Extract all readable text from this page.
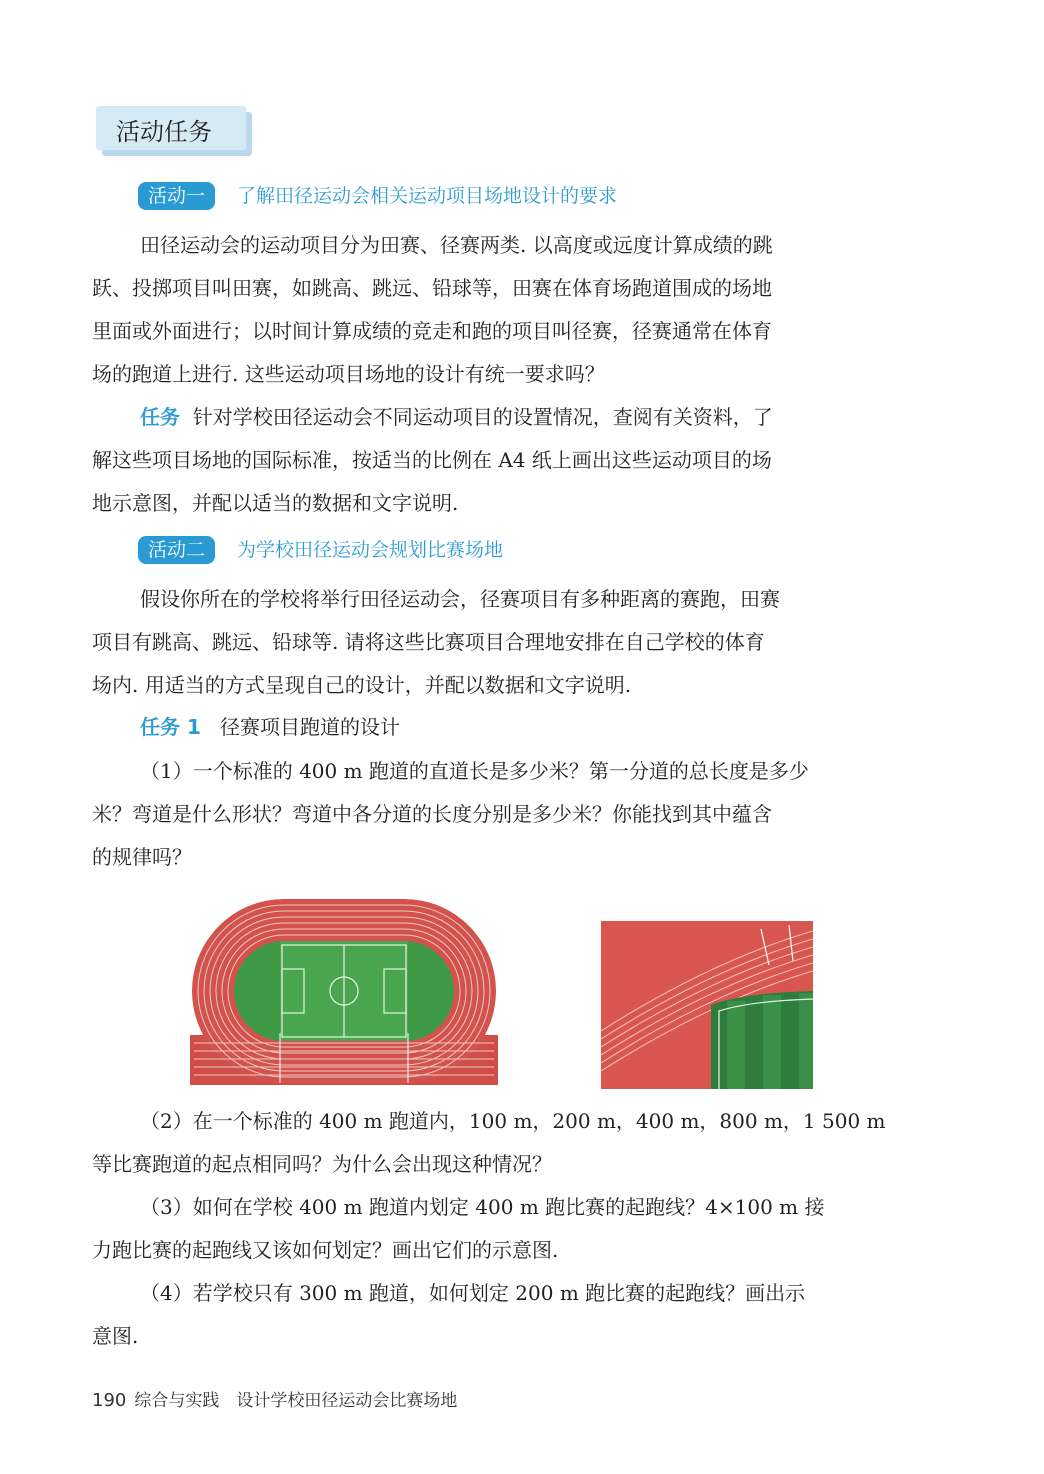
活动任务
活动一 了解田径运动会相关运动项目场地设计的要求
田径运动会的运动项目分为田赛、径赛两类. 以高度或远度计算成绩的跳
跃、投掷项目叫田赛，如跳高、跳远、铅球等，田赛在体育场跑道围成的场地
里面或外面进行；以时间计算成绩的竞走和跑的项目叫径赛，径赛通常在体育
场的跑道上进行. 这些运动项目场地的设计有统一要求吗？
任务 针对学校田径运动会不同运动项目的设置情况，查阅有关资料，了
解这些项目场地的国际标准，按适当的比例在 A4 纸上画出这些运动项目的场
地示意图，并配以适当的数据和文字说明.
活动二 为学校田径运动会规划比赛场地
假设你所在的学校将举行田径运动会，径赛项目有多种距离的赛跑，田赛
项目有跳高、跳远、铅球等. 请将这些比赛项目合理地安排在自己学校的体育
场内. 用适当的方式呈现自己的设计，并配以数据和文字说明.
任务 1 径赛项目跑道的设计
（1）一个标准的 400 m 跑道的直道长是多少米？第一分道的总长度是多少
米？弯道是什么形状？弯道中各分道的长度分别是多少米？你能找到其中蕴含
的规律吗？
（2）在一个标准的 400 m 跑道内，100 m，200 m，400 m，800 m，1 500 m
等比赛跑道的起点相同吗？为什么会出现这种情况？
（3）如何在学校 400 m 跑道内划定 400 m 跑比赛的起跑线？4×100 m 接
力跑比赛的起跑线又该如何划定？画出它们的示意图.
（4）若学校只有 300 m 跑道，如何划定 200 m 跑比赛的起跑线？画出示
意图.
190 综合与实践　设计学校田径运动会比赛场地
